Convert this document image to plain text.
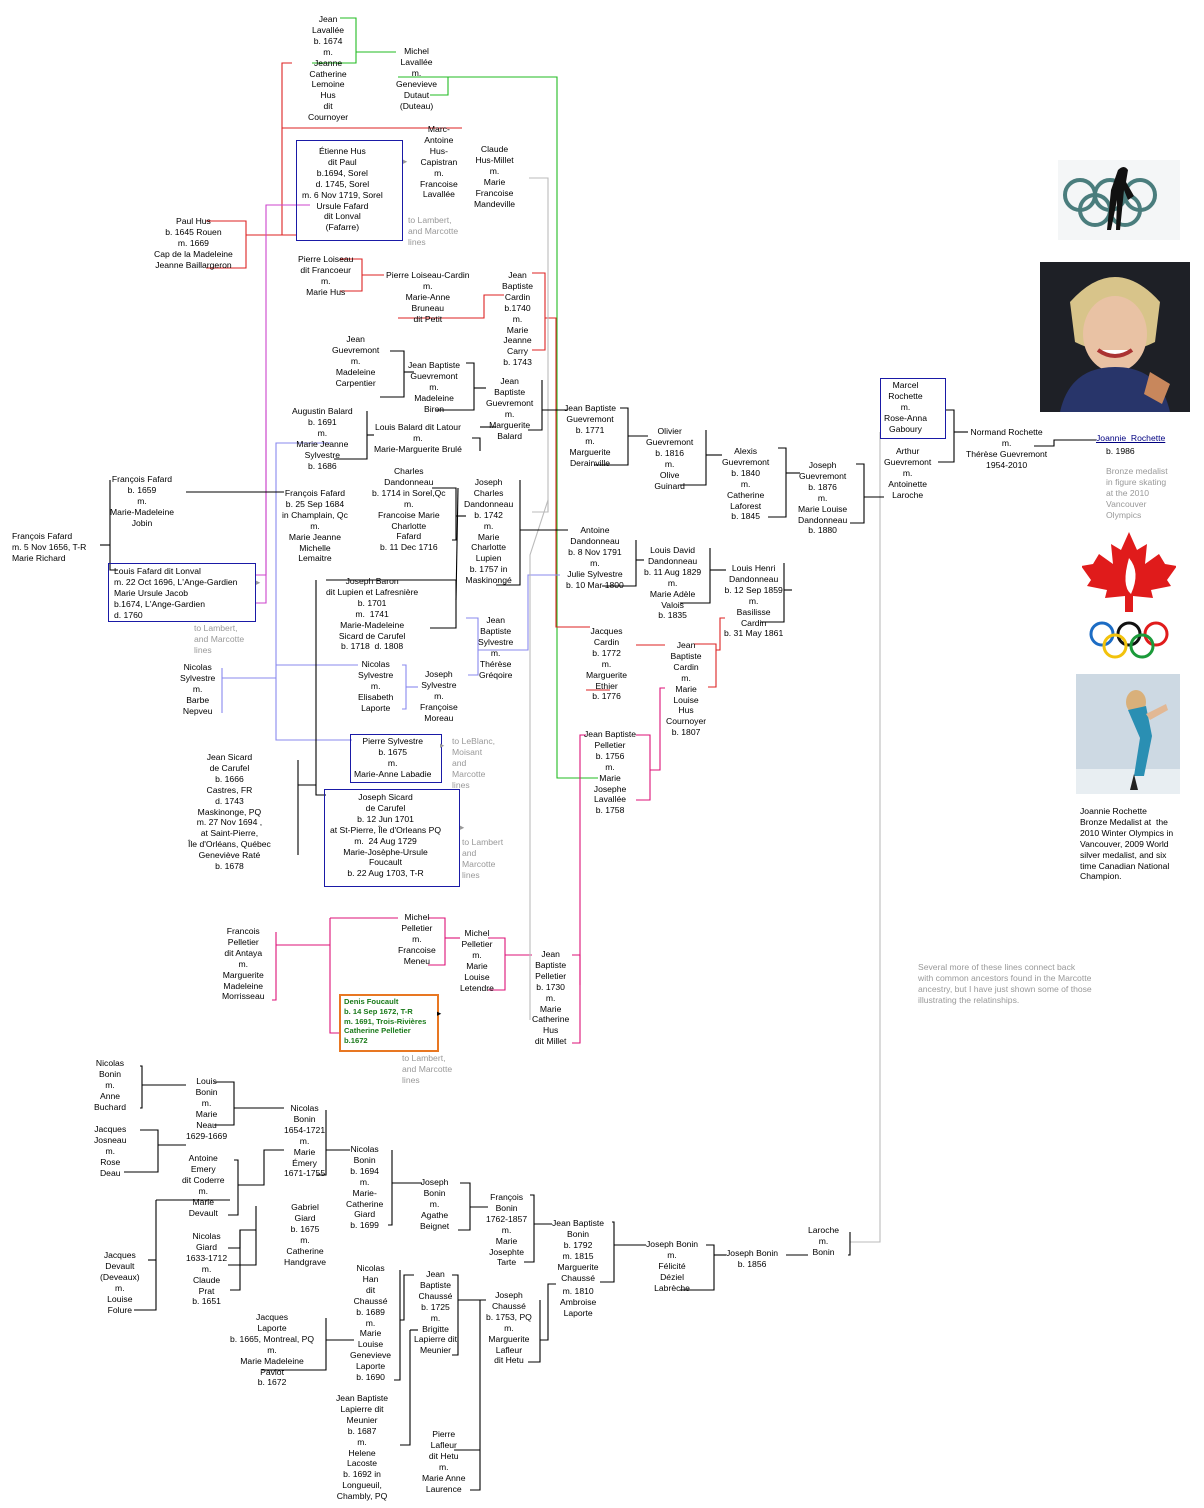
Jean
Lavallée
b. 1674
m.
Jeanne
Catherine
Lemoine
Hus
dit
Cournoyer
Michel
Lavallée
m.
Genevieve
Dutaut
(Duteau)
Marc-
Antoine
Hus-
Capistran
m.
Francoise
Lavallée
Claude
Hus-Millet
m.
Marie
Francoise
Mandeville
Étienne Hus
dit Paul
b.1694, Sorel
d. 1745, Sorel
m. 6 Nov 1719, Sorel
Ursule Fafard
dit Lonval
(Fafarre)
Paul Hus
b. 1645 Rouen
m. 1669
Cap de la Madeleine
Jeanne Baillargeron
Pierre Loiseau
dit Francoeur
m.
Marie Hus
Pierre Loiseau-Cardin
m.
Marie-Anne
Bruneau
dit Petit
Jean
Baptiste
Cardin
b.1740
m.
Marie
Jeanne
Carry
b. 1743
Jean
Guevremont
m.
Madeleine
Carpentier
Jean Baptiste
Guevremont
m.
Madeleine
Biron
Jean
Baptiste
Guevremont
m.
Marguerite
Balard
Augustin Balard
b. 1691
m.
Marie Jeanne
Sylvestre
b. 1686
Louis Balard dit Latour
m.
Marie-Marguerite Brulé
Jean Baptiste
Guevremont
b. 1771
m.
Marguerite
Derainville
Olivier
Guevremont
b. 1816
m.
Olive
Guinard
Alexis
Guevremont
b. 1840
m.
Catherine
Laforest
b. 1845
Joseph
Guevremont
b. 1876
m.
Marie Louise
Dandonneau
b. 1880
Arthur
Guevremont
m.
Antoinette
Laroche
Marcel
Rochette
m.
Rose-Anna
Gaboury	Normand Rochette
m.
Thérèse Guevremont
1954-2010
Joannie  Rochette
b. 1986
Bronze medalist
in figure skating
at the 2010
Vancouver
Olympics
François Fafard
b. 1659
m.
Marie-Madeleine
Jobin
François Fafard
m. 5 Nov 1656, T-R
Marie Richard
Louis Fafard dit Lonval
m. 22 Oct 1696, L'Ange-Gardien
Marie Ursule Jacob
b.1674, L'Ange-Gardien
d. 1760
François Fafard
b. 25 Sep 1684
in Champlain, Qc
m.
Marie Jeanne
Michelle
Lemaitre
Charles
Dandonneau
b. 1714 in Sorel,Qc
m.
Francoise Marie
Charlotte
Fafard
b. 11 Dec 1716
Joseph
Charles
Dandonneau
b. 1742
m.
Marie
Charlotte
Lupien
b. 1757 in
Maskinongé
Antoine
Dandonneau
b. 8 Nov 1791
m.
Julie Sylvestre
b. 10 Mar 1800
Louis David
Dandonneau
b. 11 Aug 1829
m.
Marie Adèle
Valois
b. 1835
Louis Henri
Dandonneau
b. 12 Sep 1859
m.
Basilisse
Cardin
b. 31 May 1861
Joseph Baron
dit Lupien et Lafresnière
b. 1701
m.  1741
Marie-Madeleine
Sicard de Carufel
b. 1718  d. 1808
Jean
Baptiste
Sylvestre
m.
Thérèse
Gréqoire
Nicolas
Sylvestre
m.
Barbe
Nepveu
Nicolas
Sylvestre
m.
Elisabeth
Laporte
Joseph
Sylvestre
m.
Françoise
Moreau
Jacques
Cardin
b. 1772
m.
Marguerite
Ethier
b. 1776
Jean
Baptiste
Cardin
m.
Marie
Louise
Hus
Cournoyer
b. 1807
Pierre Sylvestre
b. 1675
m.
Marie-Anne Labadie
Jean Sicard
de Carufel
b. 1666
Castres, FR
d. 1743
Maskinonge, PQ
m. 27 Nov 1694 ,
at Saint-Pierre,
Île d'Orléans, Québec
Geneviève Raté
b. 1678
Joseph Sicard
de Carufel
b. 12 Jun 1701
at St-Pierre, Île d'Orleans PQ
m.  24 Aug 1729
Marie-Josèphe-Ursule
Foucault
b. 22 Aug 1703, T-R
Jean Baptiste
Pelletier
b. 1756
m.
Marie
Josephe
Lavallée
b. 1758
Francois
Pelletier
dit Antaya
m.
Marguerite
Madeleine
Morrisseau
Michel
Pelletier
m.
Francoise
Meneu
Michel
Pelletier
m.
Marie
Louise
Letendre
Jean
Baptiste
Pelletier
b. 1730
m.
Marie
Catherine
Hus
dit Millet
Denis Foucault
b. 14 Sep 1672, T-R
m. 1691, Trois-Rivières
Catherine Pelletier
b.1672
Nicolas
Bonin
m.
Anne
Buchard
Louis
Bonin
m.
Marie
Neau
1629-1669
Jacques
Josneau
m.
Rose
Deau
Nicolas
Bonin
1654-1721
m.
Marie
Émery
1671-1755
Antoine
Emery
dit Coderre
m.
Marie
Devault
Nicolas
Bonin
b. 1694
m.
Marie-
Catherine
Giard
b. 1699
Gabriel
Giard
b. 1675
m.
Catherine
Handgrave
Nicolas
Giard
1633-1712
m.
Claude
Prat
b. 1651
Jacques
Devault
(Deveaux)
m.
Louise
Folure
Joseph
Bonin
m.
Agathe
Beignet
François
Bonin
1762-1857
m.
Marie
Josephte
Tarte
Jean Baptiste
Bonin
b. 1792
m. 1815
Marguerite
Chaussé
Joseph Bonin
m.
Félicité
Déziel
Labrèche
Joseph Bonin
b. 1856
Laroche
m.
Bonin
Nicolas
Han
dit
Chaussé
b. 1689
m.
Marie
Louise
Genevieve
Laporte
b. 1690
Jean
Baptiste
Chaussé
b. 1725
m.
Brigitte
Lapierre dit
Meunier
Joseph
Chaussé
b. 1753, PQ
m.
Marguerite
Lafleur
dit Hetu
m. 1810
Ambroise
Laporte
Jacques
Laporte
b. 1665, Montreal, PQ
m.
Marie Madeleine
Paviot
b. 1672
Jean Baptiste
Lapierre dit
Meunier
b. 1687
m.
Helene
Lacoste
b. 1692 in
Longueuil,
Chambly, PQ
Pierre
Lafleur
dit Hetu
m.
Marie Anne
Laurence
to Lambert,
and Marcotte
lines
to Lambert,
and Marcotte
lines
to LeBlanc,
Moisant
and
Marcotte
lines
to Lambert
and
Marcotte
lines
to Lambert,
and Marcotte
lines
Several more of these lines connect back
with common ancestors found in the Marcotte
ancestry, but I have just shown some of those
illustrating the relatinships.
Joannie Rochette
Bronze Medalist at  the
2010 Winter Olympics in
Vancouver, 2009 World
silver medalist, and six
time Canadian National
Champion.
▸
▸
▸
▸
▸
